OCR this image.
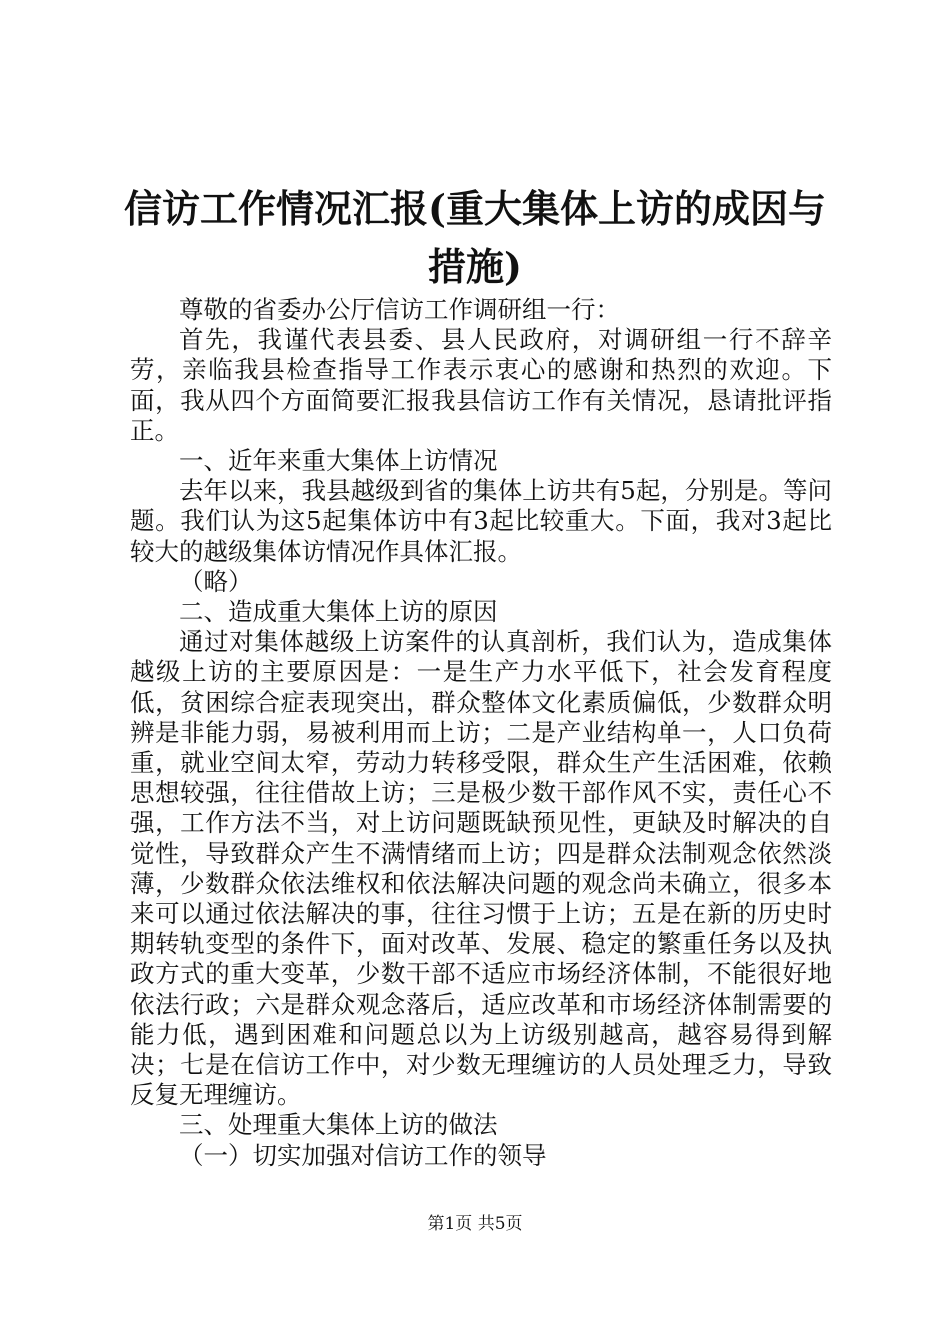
信访工作情况汇报(重大集体上访的成因与措施)

尊敬的省委办公厅信访工作调研组一行：

首先，我谨代表县委、县人民政府，对调研组一行不辞辛劳，亲临我县检查指导工作表示衷心的感谢和热烈的欢迎。下面，我从四个方面简要汇报我县信访工作有关情况，恳请批评指正。

一、近年来重大集体上访情况

去年以来，我县越级到省的集体上访共有5起，分别是。等问题。我们认为这5起集体访中有3起比较重大。下面，我对3起比较大的越级集体访情况作具体汇报。

（略）

二、造成重大集体上访的原因

通过对集体越级上访案件的认真剖析，我们认为，造成集体越级上访的主要原因是：一是生产力水平低下，社会发育程度低，贫困综合症表现突出，群众整体文化素质偏低，少数群众明辨是非能力弱，易被利用而上访；二是产业结构单一，人口负荷重，就业空间太窄，劳动力转移受限，群众生产生活困难，依赖思想较强，往往借故上访；三是极少数干部作风不实，责任心不强，工作方法不当，对上访问题既缺预见性，更缺及时解决的自觉性，导致群众产生不满情绪而上访；四是群众法制观念依然淡薄，少数群众依法维权和依法解决问题的观念尚未确立，很多本来可以通过依法解决的事，往往习惯于上访；五是在新的历史时期转轨变型的条件下，面对改革、发展、稳定的繁重任务以及执政方式的重大变革，少数干部不适应市场经济体制，不能很好地依法行政；六是群众观念落后，适应改革和市场经济体制需要的能力低，遇到困难和问题总以为上访级别越高，越容易得到解决；七是在信访工作中，对少数无理缠访的人员处理乏力，导致反复无理缠访。

三、处理重大集体上访的做法

（一）切实加强对信访工作的领导

第1页 共5页
